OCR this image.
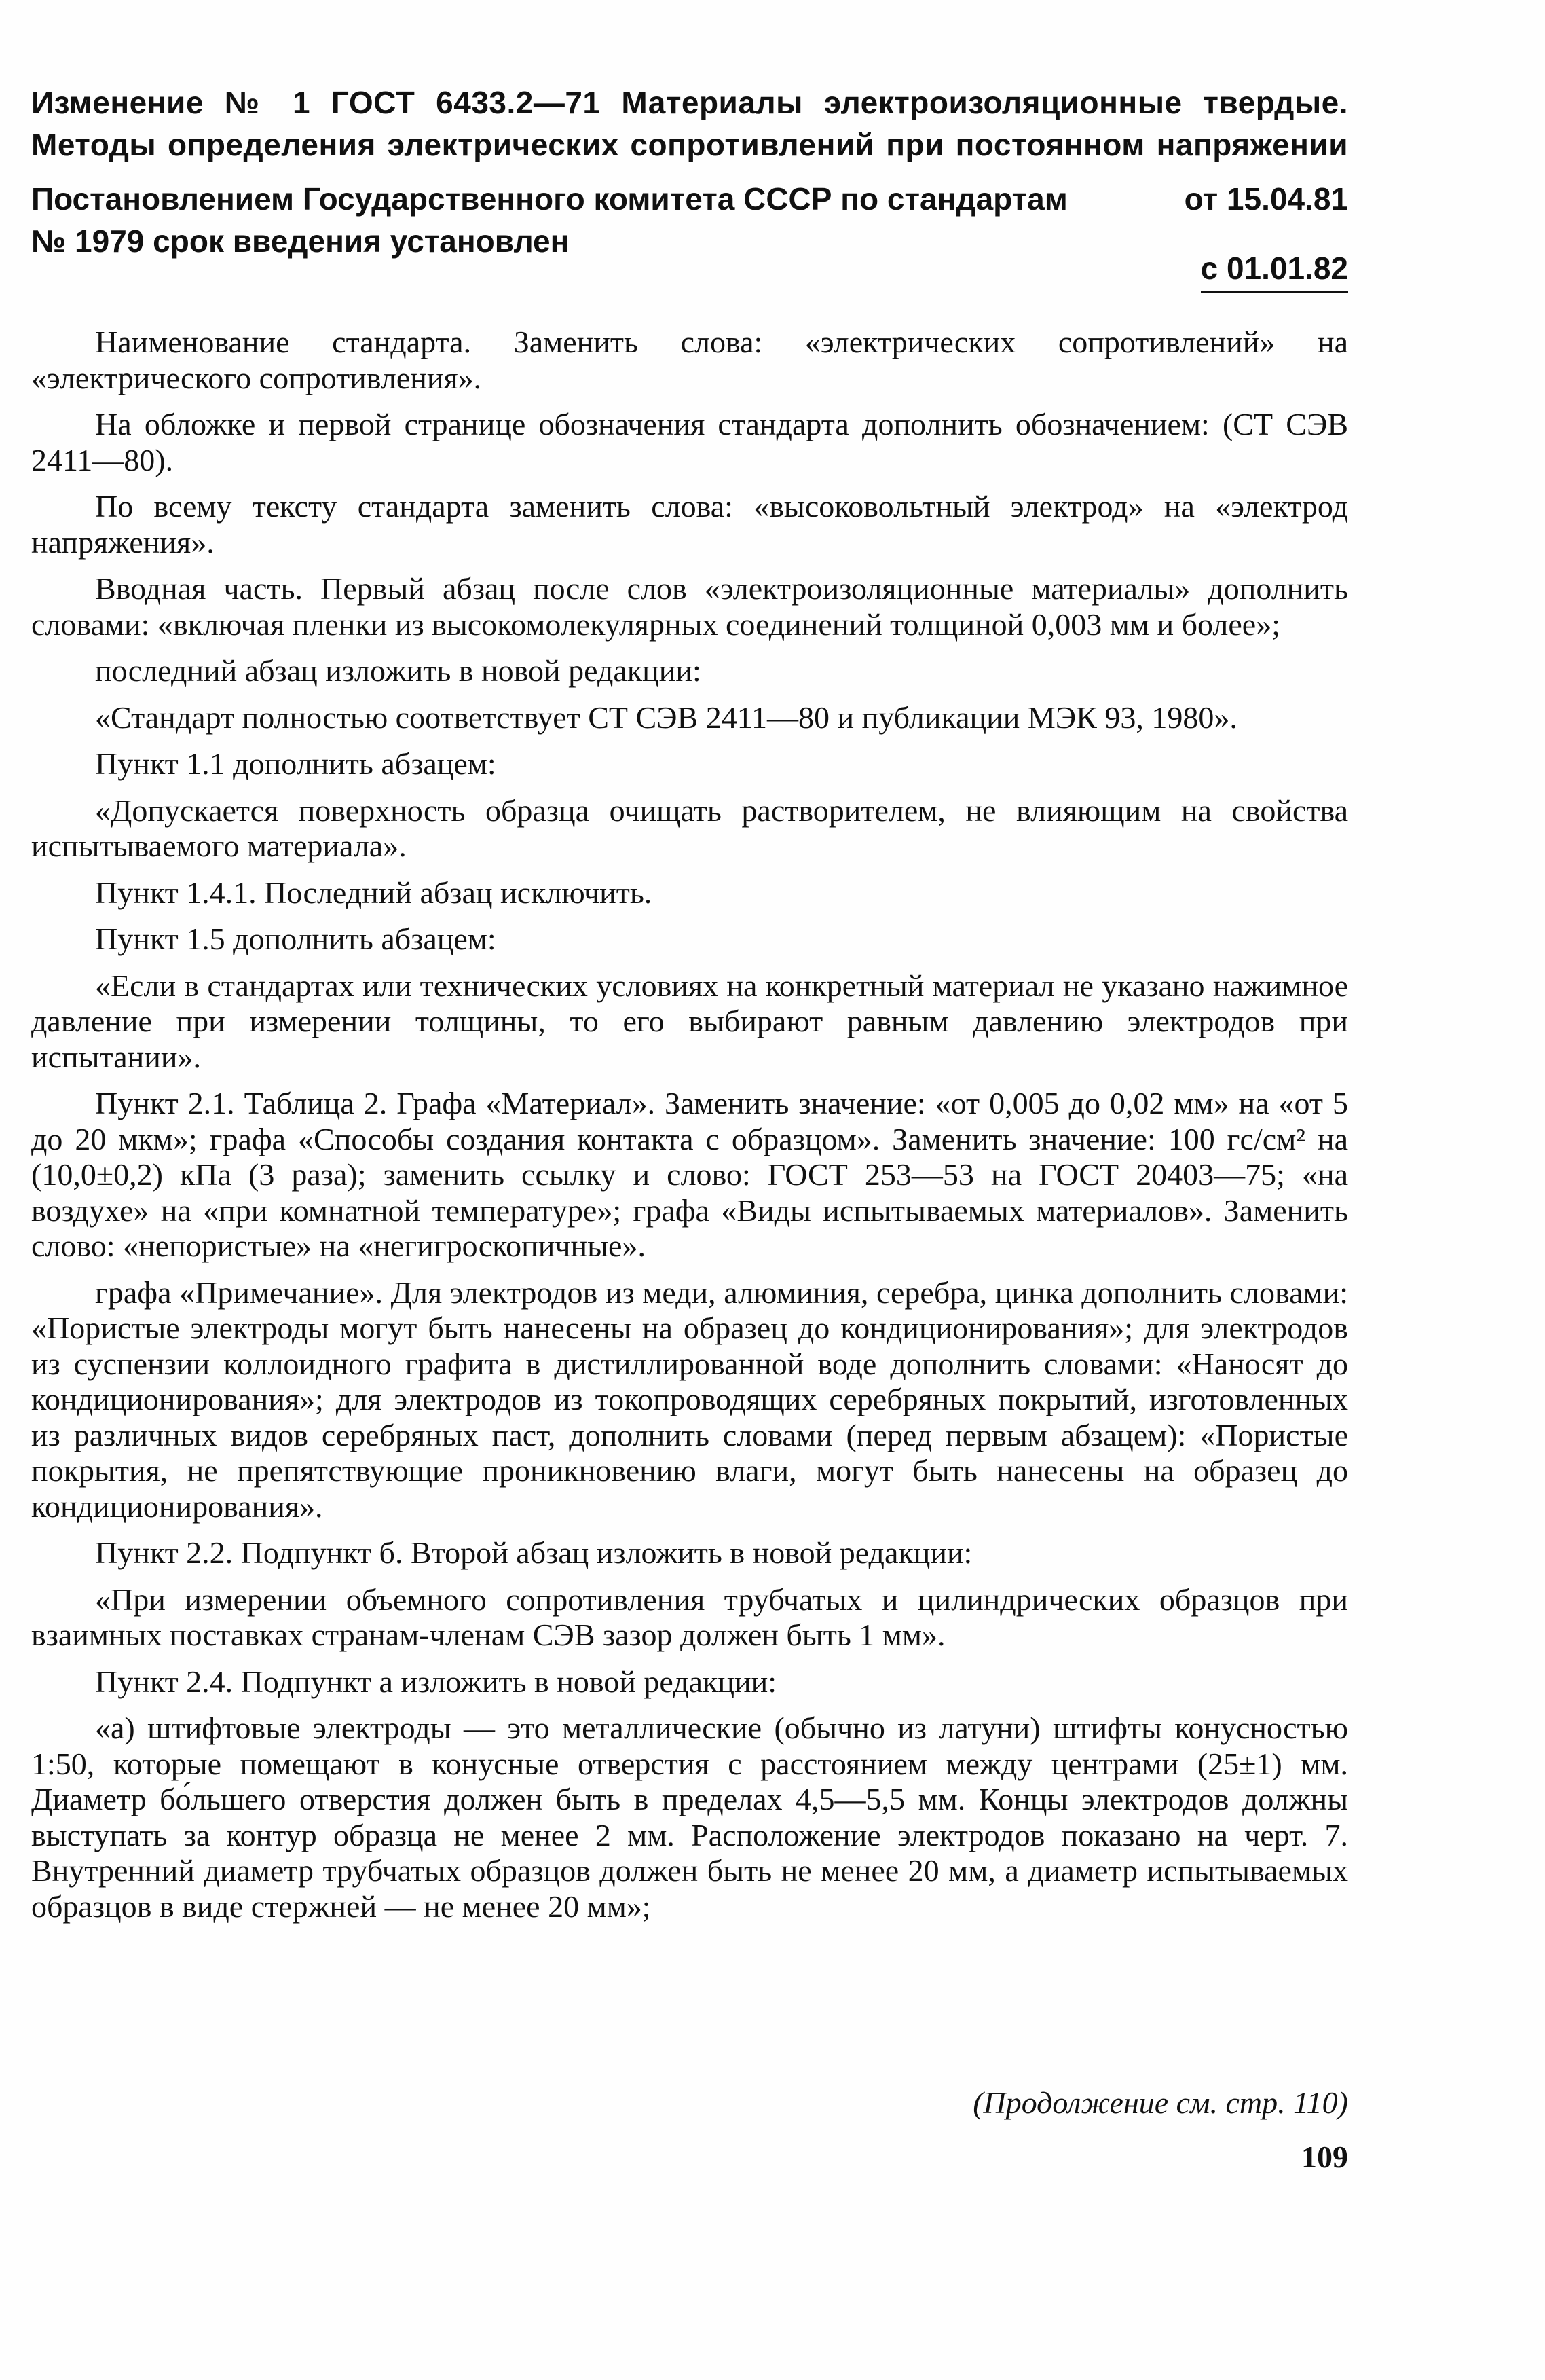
Изменение № 1 ГОСТ 6433.2—71 Материалы электроизоляционные твердые.
Методы определения электрических сопротивлений при постоянном напряжении
Постановлением Государственного комитета СССР по стандартам	от 15.04.81
№ 1979 срок введения установлен
с 01.01.82

Наименование стандарта. Заменить слова: «электрических сопротивлений» на «электрического сопротивления».

На обложке и первой странице обозначения стандарта дополнить обозначением: (СТ СЭВ 2411—80).

По всему тексту стандарта заменить слова: «высоковольтный электрод» на «электрод напряжения».

Вводная часть. Первый абзац после слов «электроизоляционные материалы» дополнить словами: «включая пленки из высокомолекулярных соединений толщиной 0,003 мм и более»;

последний абзац изложить в новой редакции:

«Стандарт полностью соответствует СТ СЭВ 2411—80 и публикации МЭК 93, 1980».

Пункт 1.1 дополнить абзацем:

«Допускается поверхность образца очищать растворителем, не влияющим на свойства испытываемого материала».

Пункт 1.4.1. Последний абзац исключить.

Пункт 1.5 дополнить абзацем:

«Если в стандартах или технических условиях на конкретный материал не указано нажимное давление при измерении толщины, то его выбирают равным давлению электродов при испытании».

Пункт 2.1. Таблица 2. Графа «Материал». Заменить значение: «от 0,005 до 0,02 мм» на «от 5 до 20 мкм»; графа «Способы создания контакта с образцом». Заменить значение: 100 гс/см² на (10,0±0,2) кПа (3 раза); заменить ссылку и слово: ГОСТ 253—53 на ГОСТ 20403—75; «на воздухе» на «при комнатной температуре»; графа «Виды испытываемых материалов». Заменить слово: «непористые» на «негигроскопичные».

графа «Примечание». Для электродов из меди, алюминия, серебра, цинка дополнить словами: «Пористые электроды могут быть нанесены на образец до кондиционирования»; для электродов из суспензии коллоидного графита в дистиллированной воде дополнить словами: «Наносят до кондиционирования»; для электродов из токопроводящих серебряных покрытий, изготовленных из различных видов серебряных паст, дополнить словами (перед первым абзацем): «Пористые покрытия, не препятствующие проникновению влаги, могут быть нанесены на образец до кондиционирования».

Пункт 2.2. Подпункт б. Второй абзац изложить в новой редакции:

«При измерении объемного сопротивления трубчатых и цилиндрических образцов при взаимных поставках странам-членам СЭВ зазор должен быть 1 мм».

Пункт 2.4. Подпункт а изложить в новой редакции:

«а) штифтовые электроды — это металлические (обычно из латуни) штифты конусностью 1:50, которые помещают в конусные отверстия с расстоянием между центрами (25±1) мм. Диаметр бо́льшего отверстия должен быть в пределах 4,5—5,5 мм. Концы электродов должны выступать за контур образца не менее 2 мм. Расположение электродов показано на черт. 7. Внутренний диаметр трубчатых образцов должен быть не менее 20 мм, а диаметр испытываемых образцов в виде стержней — не менее 20 мм»;

(Продолжение см. стр. 110)
109
